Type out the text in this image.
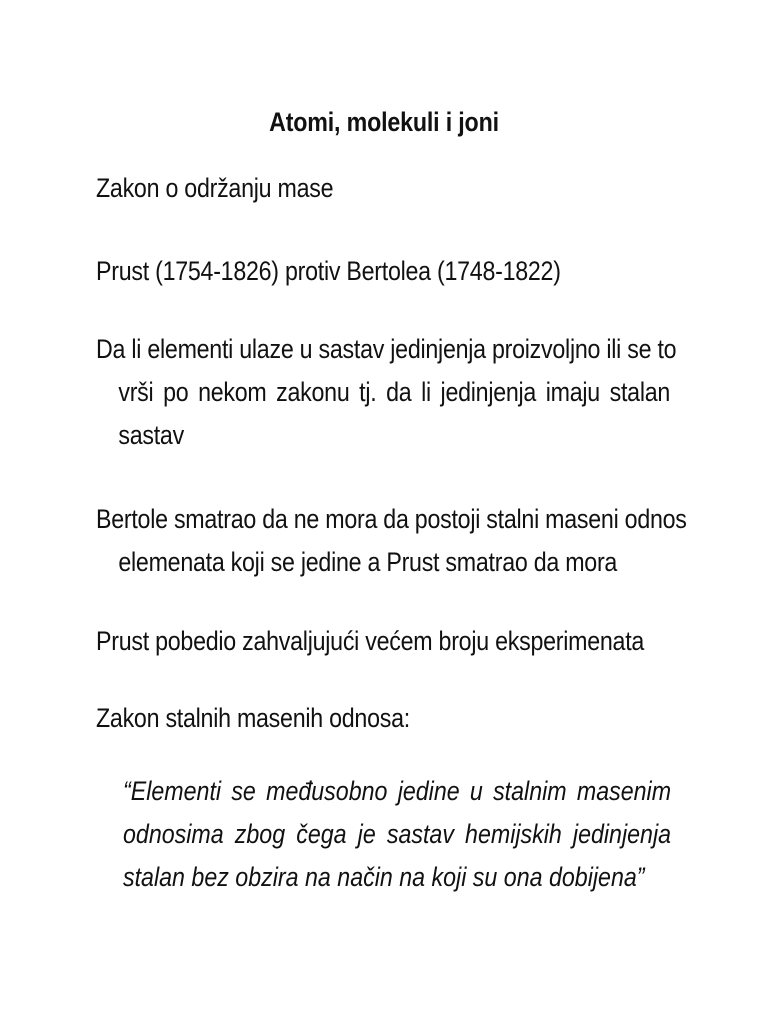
Atomi, molekuli i joni
Zakon o održanju mase
Prust (1754-1826) protiv Bertolea (1748-1822)
Da li elementi ulaze u sastav jedinjenja proizvoljno ili se to
vrši po nekom zakonu tj. da li jedinjenja imaju stalan
sastav
Bertole smatrao da ne mora da postoji stalni maseni odnos
elemenata koji se jedine a Prust smatrao da mora
Prust pobedio zahvaljujući većem broju eksperimenata
Zakon stalnih masenih odnosa:
“Elementi se međusobno jedine u stalnim masenim
odnosima zbog čega je sastav hemijskih jedinjenja
stalan bez obzira na način na koji su ona dobijena”
